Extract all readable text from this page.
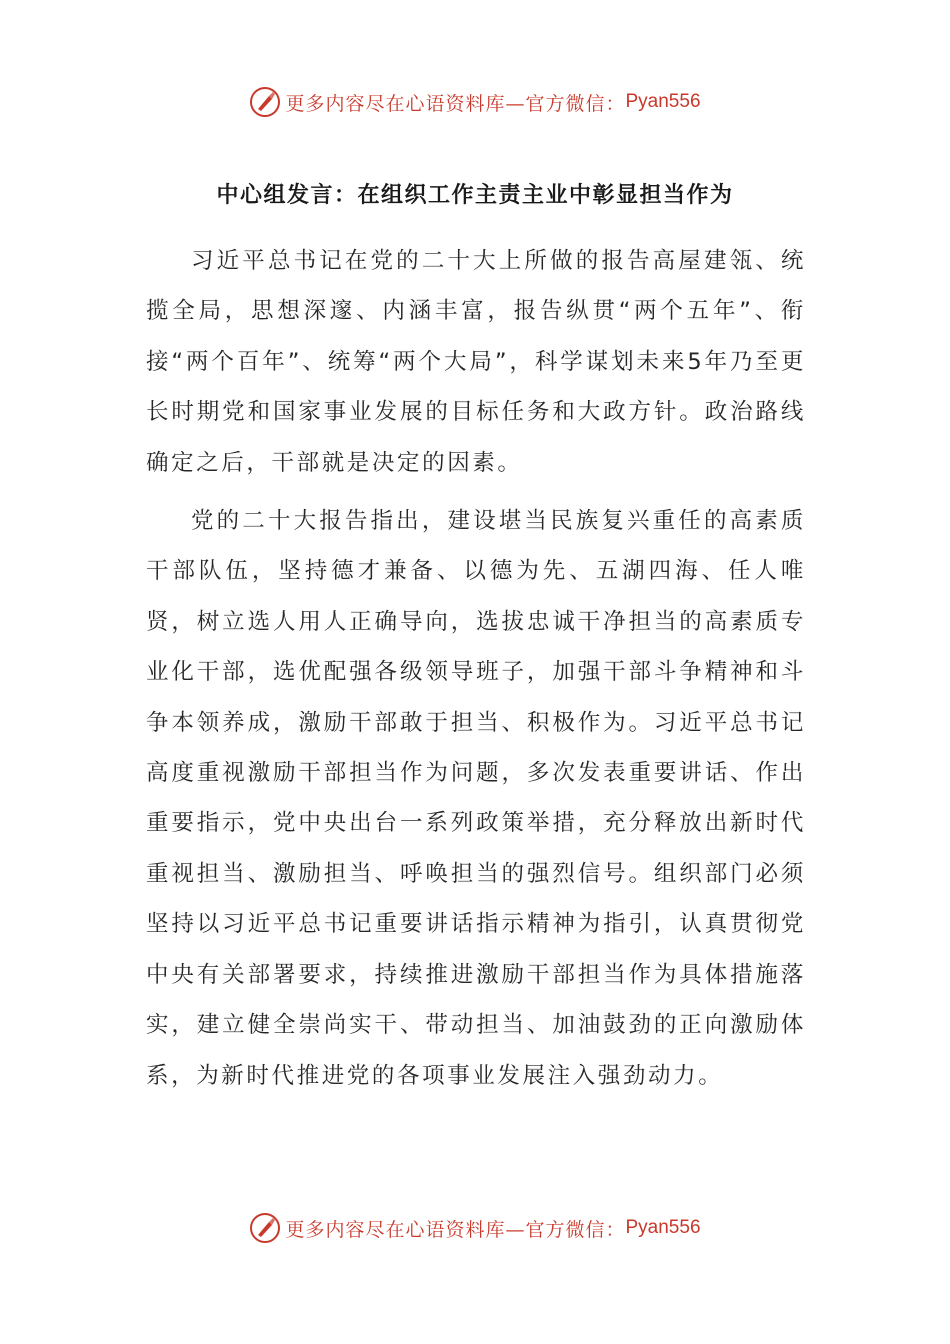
更多内容尽在心语资料库—官方微信： Pyan556
中心组发言：在组织工作主责主业中彰显担当作为

习近平总书记在党的二十大上所做的报告高屋建瓴、统揽全局，思想深邃、内涵丰富，报告纵贯“两个五年”、衔接“两个百年”、统筹“两个大局”，科学谋划未来5年乃至更长时期党和国家事业发展的目标任务和大政方针。政治路线确定之后，干部就是决定的因素。

党的二十大报告指出，建设堪当民族复兴重任的高素质干部队伍，坚持德才兼备、以德为先、五湖四海、任人唯贤，树立选人用人正确导向，选拔忠诚干净担当的高素质专业化干部，选优配强各级领导班子，加强干部斗争精神和斗争本领养成，激励干部敢于担当、积极作为。习近平总书记高度重视激励干部担当作为问题，多次发表重要讲话、作出重要指示，党中央出台一系列政策举措，充分释放出新时代重视担当、激励担当、呼唤担当的强烈信号。组织部门必须坚持以习近平总书记重要讲话指示精神为指引，认真贯彻党中央有关部署要求，持续推进激励干部担当作为具体措施落实，建立健全崇尚实干、带动担当、加油鼓劲的正向激励体系，为新时代推进党的各项事业发展注入强劲动力。

更多内容尽在心语资料库—官方微信： Pyan556
